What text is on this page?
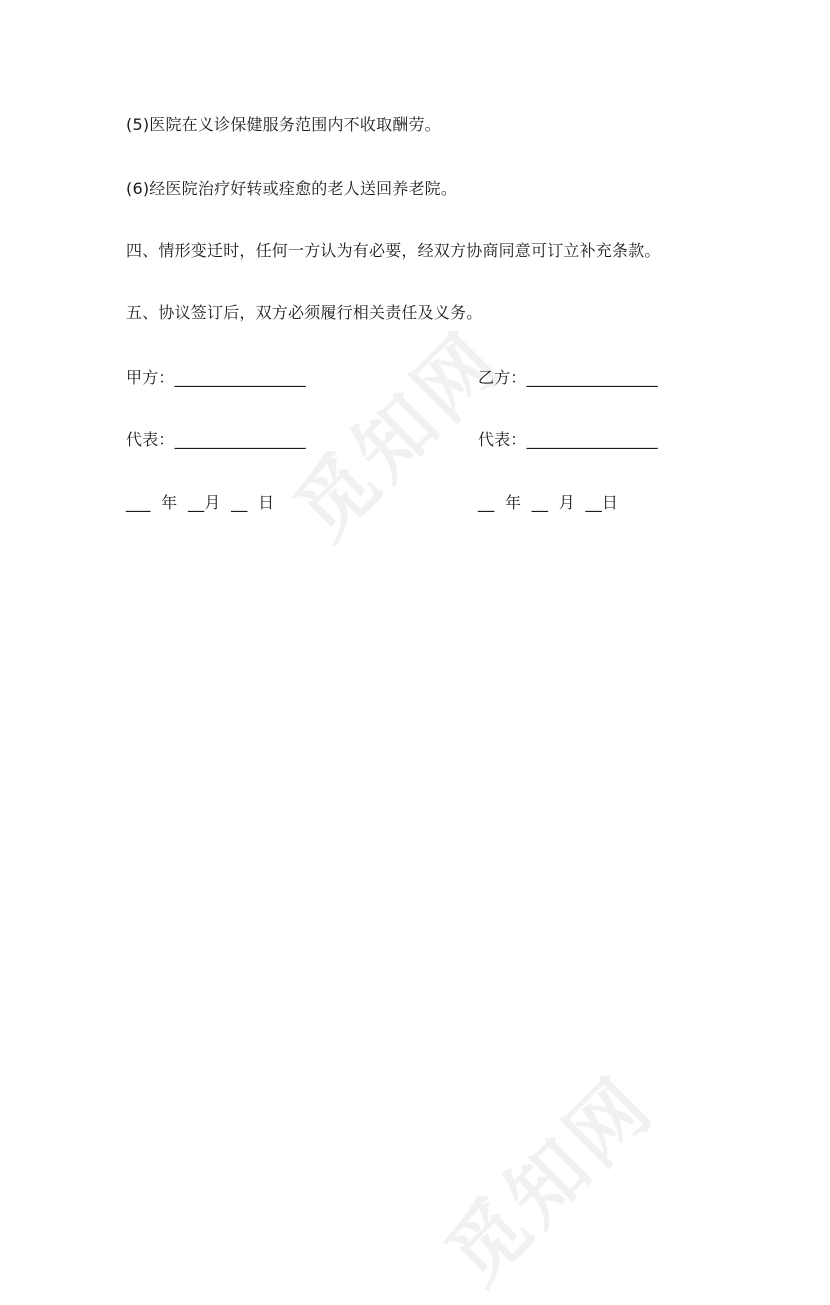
觅知网
觅知网
(5)医院在义诊保健服务范围内不收取酬劳。
(6)经医院治疗好转或痊愈的老人送回养老院。
四、情形变迁时，任何一方认为有必要，经双方协商同意可订立补充条款。
五、协议签订后，双方必须履行相关责任及义务。
甲方：________________	乙方：________________
代表：________________	代表：________________
___  年  __月  __  日	__  年  __  月  __日
